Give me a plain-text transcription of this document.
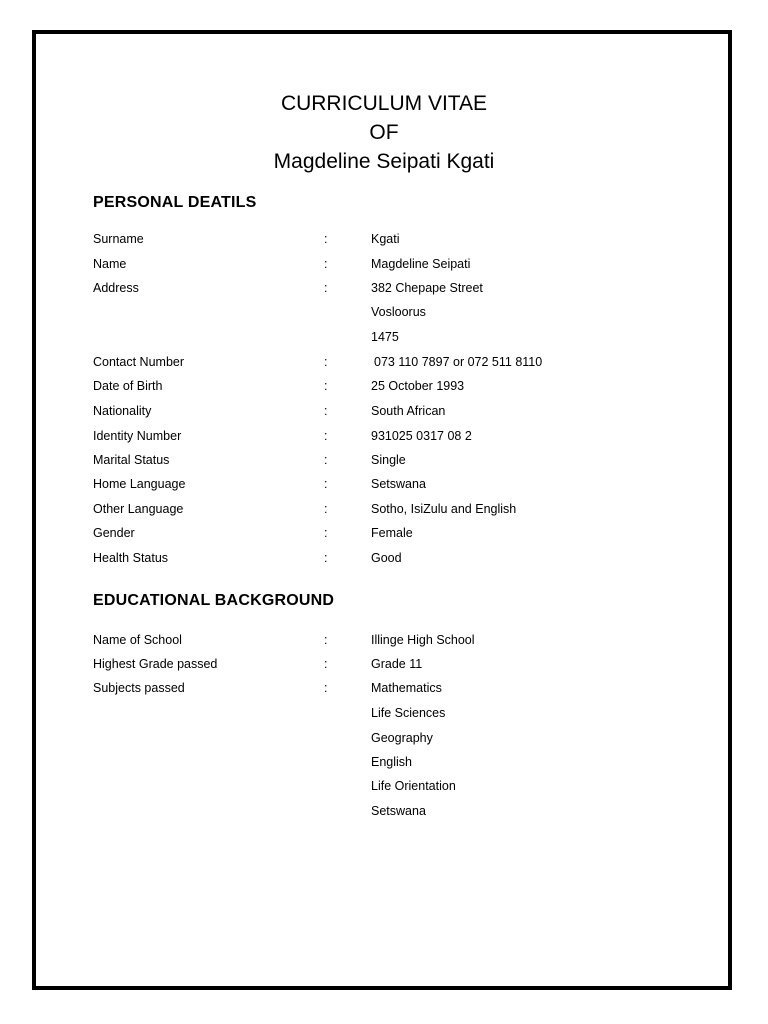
CURRICULUM VITAE
OF
Magdeline Seipati Kgati
PERSONAL DEATILS
Surname	:	Kgati
Name	:	Magdeline Seipati
Address	:	382 Chepape Street
Vosloorus
1475
Contact Number	:	073 110 7897 or 072 511 8110
Date of Birth	:	25 October 1993
Nationality	:	South African
Identity Number	:	931025 0317 08 2
Marital Status	:	Single
Home Language	:	Setswana
Other Language	:	Sotho, IsiZulu and English
Gender	:	Female
Health Status	:	Good
EDUCATIONAL BACKGROUND
Name of School	:	Illinge High School
Highest Grade passed	:	Grade 11
Subjects passed	:	Mathematics
Life Sciences
Geography
English
Life Orientation
Setswana
